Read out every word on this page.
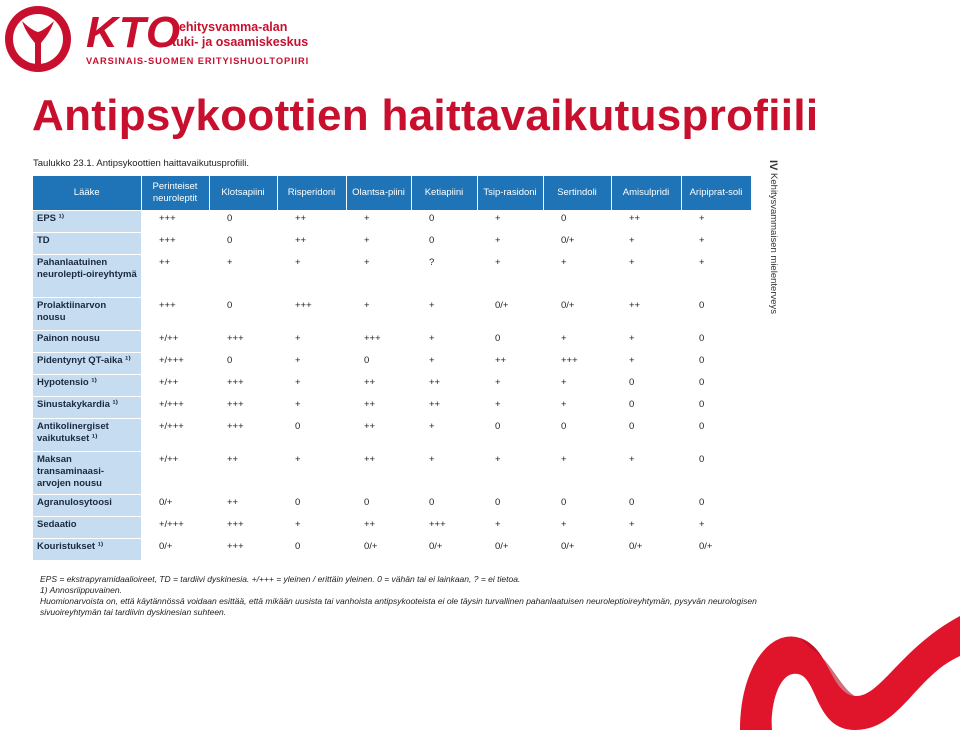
KTO
kehitysvamma-alan
tuki- ja osaamiskeskus
VARSINAIS-SUOMEN ERITYISHUOLTOPIIRI
Antipsykoottien haittavaikutusprofiili
Taulukko 23.1. Antipsykoottien haittavaikutusprofiili.	IV Kehitysvammaisen mielenterveys
Lääke	Perinteiset neuroleptit	Klotsapiini	Risperidoni	Olantsa-piini	Ketiapiini	Tsip-rasidoni	Sertindoli	Amisulpridi	Aripiprat-soli
EPS ¹⁾	+++	0	++	+	0	+	0	++	+
TD	+++	0	++	+	0	+	0/+	+	+
Pahanlaatuinen neurolepti-oireyhtymä	++	+	+	+	?	+	+	+	+
Prolaktiinarvon nousu	+++	0	+++	+	+	0/+	0/+	++	0
Painon nousu	+/++	+++	+	+++	+	0	+	+	0
Pidentynyt QT-aika ¹⁾	+/+++	0	+	0	+	++	+++	+	0
Hypotensio ¹⁾	+/++	+++	+	++	++	+	+	0	0
Sinustakykardia ¹⁾	+/+++	+++	+	++	++	+	+	0	0
Antikolinergiset vaikutukset ¹⁾	+/+++	+++	0	++	+	0	0	0	0
Maksan transaminaasi-arvojen nousu	+/++	++	+	++	+	+	+	+	0
Agranulosytoosi	0/+	++	0	0	0	0	0	0	0
Sedaatio	+/+++	+++	+	++	+++	+	+	+	+
Kouristukset ¹⁾	0/+	+++	0	0/+	0/+	0/+	0/+	0/+	0/+

EPS = ekstrapyramidaalioireet, TD = tardiivi dyskinesia. +/+++ = yleinen / erittäin yleinen. 0 = vähän tai ei lainkaan, ? = ei tietoa.

1) Annosriippuvainen.

Huomionarvoista on, että käytännössä voidaan esittää, että mikään uusista tai vanhoista antipsykooteista ei ole täysin turvallinen pahanlaatuisen neuroleptioireyhtymän, pysyvän neurologisen sivuoireyhtymän tai tardiivin dyskinesian suhteen.
